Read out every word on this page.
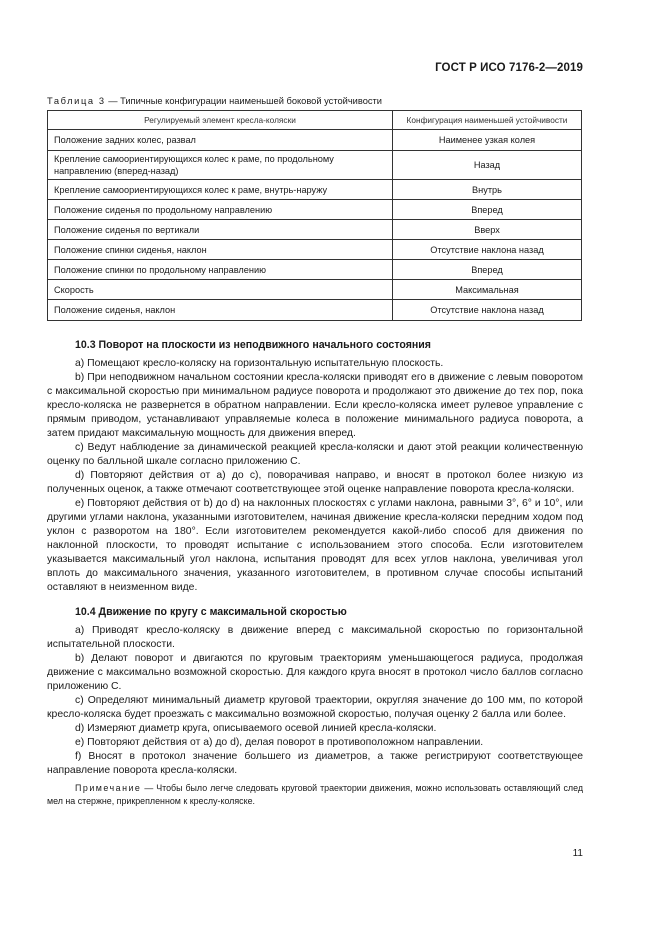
ГОСТ Р ИСО 7176-2—2019
Таблица 3 — Типичные конфигурации наименьшей боковой устойчивости
Регулируемый элемент кресла-коляски	Конфигурация наименьшей устойчивости
Положение задних колес, развал	Наименее узкая колея
Крепление самоориентирующихся колес к раме, по продольному направлению (вперед-назад)	Назад
Крепление самоориентирующихся колес к раме, внутрь-наружу	Внутрь
Положение сиденья по продольному направлению	Вперед
Положение сиденья по вертикали	Вверх
Положение спинки сиденья, наклон	Отсутствие наклона назад
Положение спинки по продольному направлению	Вперед
Скорость	Максимальная
Положение сиденья, наклон	Отсутствие наклона назад
10.3 Поворот на плоскости из неподвижного начального состояния

a) Помещают кресло-коляску на горизонтальную испытательную плоскость.

b) При неподвижном начальном состоянии кресла-коляски приводят его в движение с левым поворотом с максимальной скоростью при минимальном радиусе поворота и продолжают это движение до тех пор, пока кресло-коляска не развернется в обратном направлении. Если кресло-коляска имеет рулевое управление с прямым приводом, устанавливают управляемые колеса в положение минимального радиуса поворота, а затем придают максимальную мощность для движения вперед.

c) Ведут наблюдение за динамической реакцией кресла-коляски и дают этой реакции количественную оценку по балльной шкале согласно приложению С.

d) Повторяют действия от а) до с), поворачивая направо, и вносят в протокол более низкую из полученных оценок, а также отмечают соответствующее этой оценке направление поворота кресла-коляски.

e) Повторяют действия от b) до d) на наклонных плоскостях с углами наклона, равными 3°, 6° и 10°, или другими углами наклона, указанными изготовителем, начиная движение кресла-коляски передним ходом под уклон с разворотом на 180°. Если изготовителем рекомендуется какой-либо способ для движения по наклонной плоскости, то проводят испытание с использованием этого способа. Если изготовителем указывается максимальный угол наклона, испытания проводят для всех углов наклона, увеличивая угол вплоть до максимального значения, указанного изготовителем, в противном случае способы испытаний оставляют в неизменном виде.

10.4 Движение по кругу с максимальной скоростью

a) Приводят кресло-коляску в движение вперед с максимальной скоростью по горизонтальной испытательной плоскости.

b) Делают поворот и двигаются по круговым траекториям уменьшающегося радиуса, продолжая движение с максимально возможной скоростью. Для каждого круга вносят в протокол число баллов согласно приложению С.

c) Определяют минимальный диаметр круговой траектории, округляя значение до 100 мм, по которой кресло-коляска будет проезжать с максимально возможной скоростью, получая оценку 2 балла или более.

d) Измеряют диаметр круга, описываемого осевой линией кресла-коляски.

e) Повторяют действия от а) до d), делая поворот в противоположном направлении.

f) Вносят в протокол значение большего из диаметров, а также регистрируют соответствующее направление поворота кресла-коляски.

Примечание — Чтобы было легче следовать круговой траектории движения, можно использовать оставляющий след мел на стержне, прикрепленном к креслу-коляске.

11
